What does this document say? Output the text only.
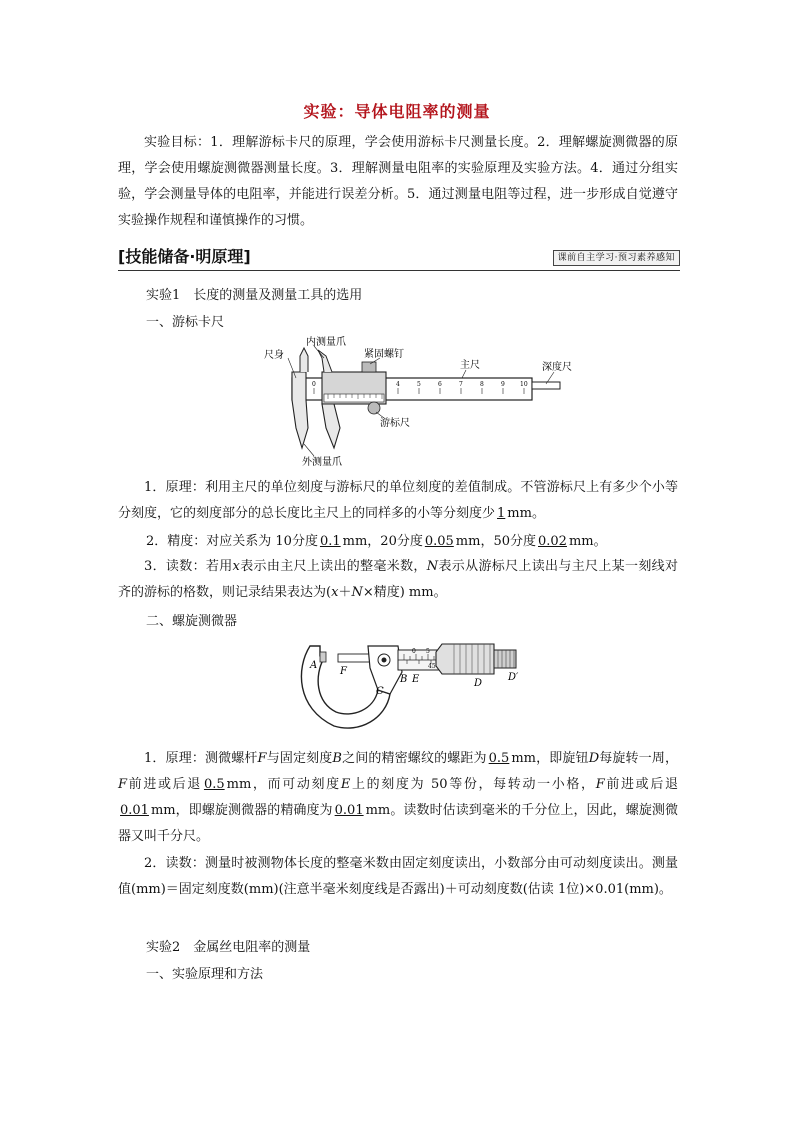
实验：导体电阻率的测量
实验目标：1．理解游标卡尺的原理，学会使用游标卡尺测量长度。2．理解螺旋测微器的原理，学会使用螺旋测微器测量长度。3．理解测量电阻率的实验原理及实验方法。4．通过分组实验，学会测量导体的电阻率，并能进行误差分析。5．通过测量电阻等过程，进一步形成自觉遵守实验操作规程和谨慎操作的习惯。
[技能储备·明原理]	课前自主学习·预习素养感知
实验1　长度的测量及测量工具的选用
一、游标卡尺
0	4	5	6	7	8	9	10
内测量爪
紧固螺钉
主尺	深度尺
尺身
游标尺
外测量爪
1．原理：利用主尺的单位刻度与游标尺的单位刻度的差值制成。不管游标尺上有多少个小等分刻度，它的刻度部分的总长度比主尺上的同样多的小等分刻度少 1 mm。
2．精度：对应关系为 10分度 0.1 mm，20分度 0.05 mm，50分度 0.02 mm。
3．读数：若用x表示由主尺上读出的整毫米数，N表示从游标尺上读出与主尺上某一刻线对齐的游标的格数，则记录结果表达为(x＋N×精度) mm。
二、螺旋测微器
0 5
45
A
F
C
B E	D
D′
1．原理：测微螺杆F与固定刻度B之间的精密螺纹的螺距为 0.5 mm，即旋钮D每旋转一周，F前进或后退 0.5 mm，而可动刻度E上的刻度为 50等份，每转动一小格，F前进或后退0.01 mm，即螺旋测微器的精确度为 0.01 mm。读数时估读到毫米的千分位上，因此，螺旋测微器又叫千分尺。
2．读数：测量时被测物体长度的整毫米数由固定刻度读出，小数部分由可动刻度读出。测量值(mm)＝固定刻度数(mm)(注意半毫米刻度线是否露出)＋可动刻度数(估读 1位)×0.01(mm)。
实验2　金属丝电阻率的测量
一、实验原理和方法
